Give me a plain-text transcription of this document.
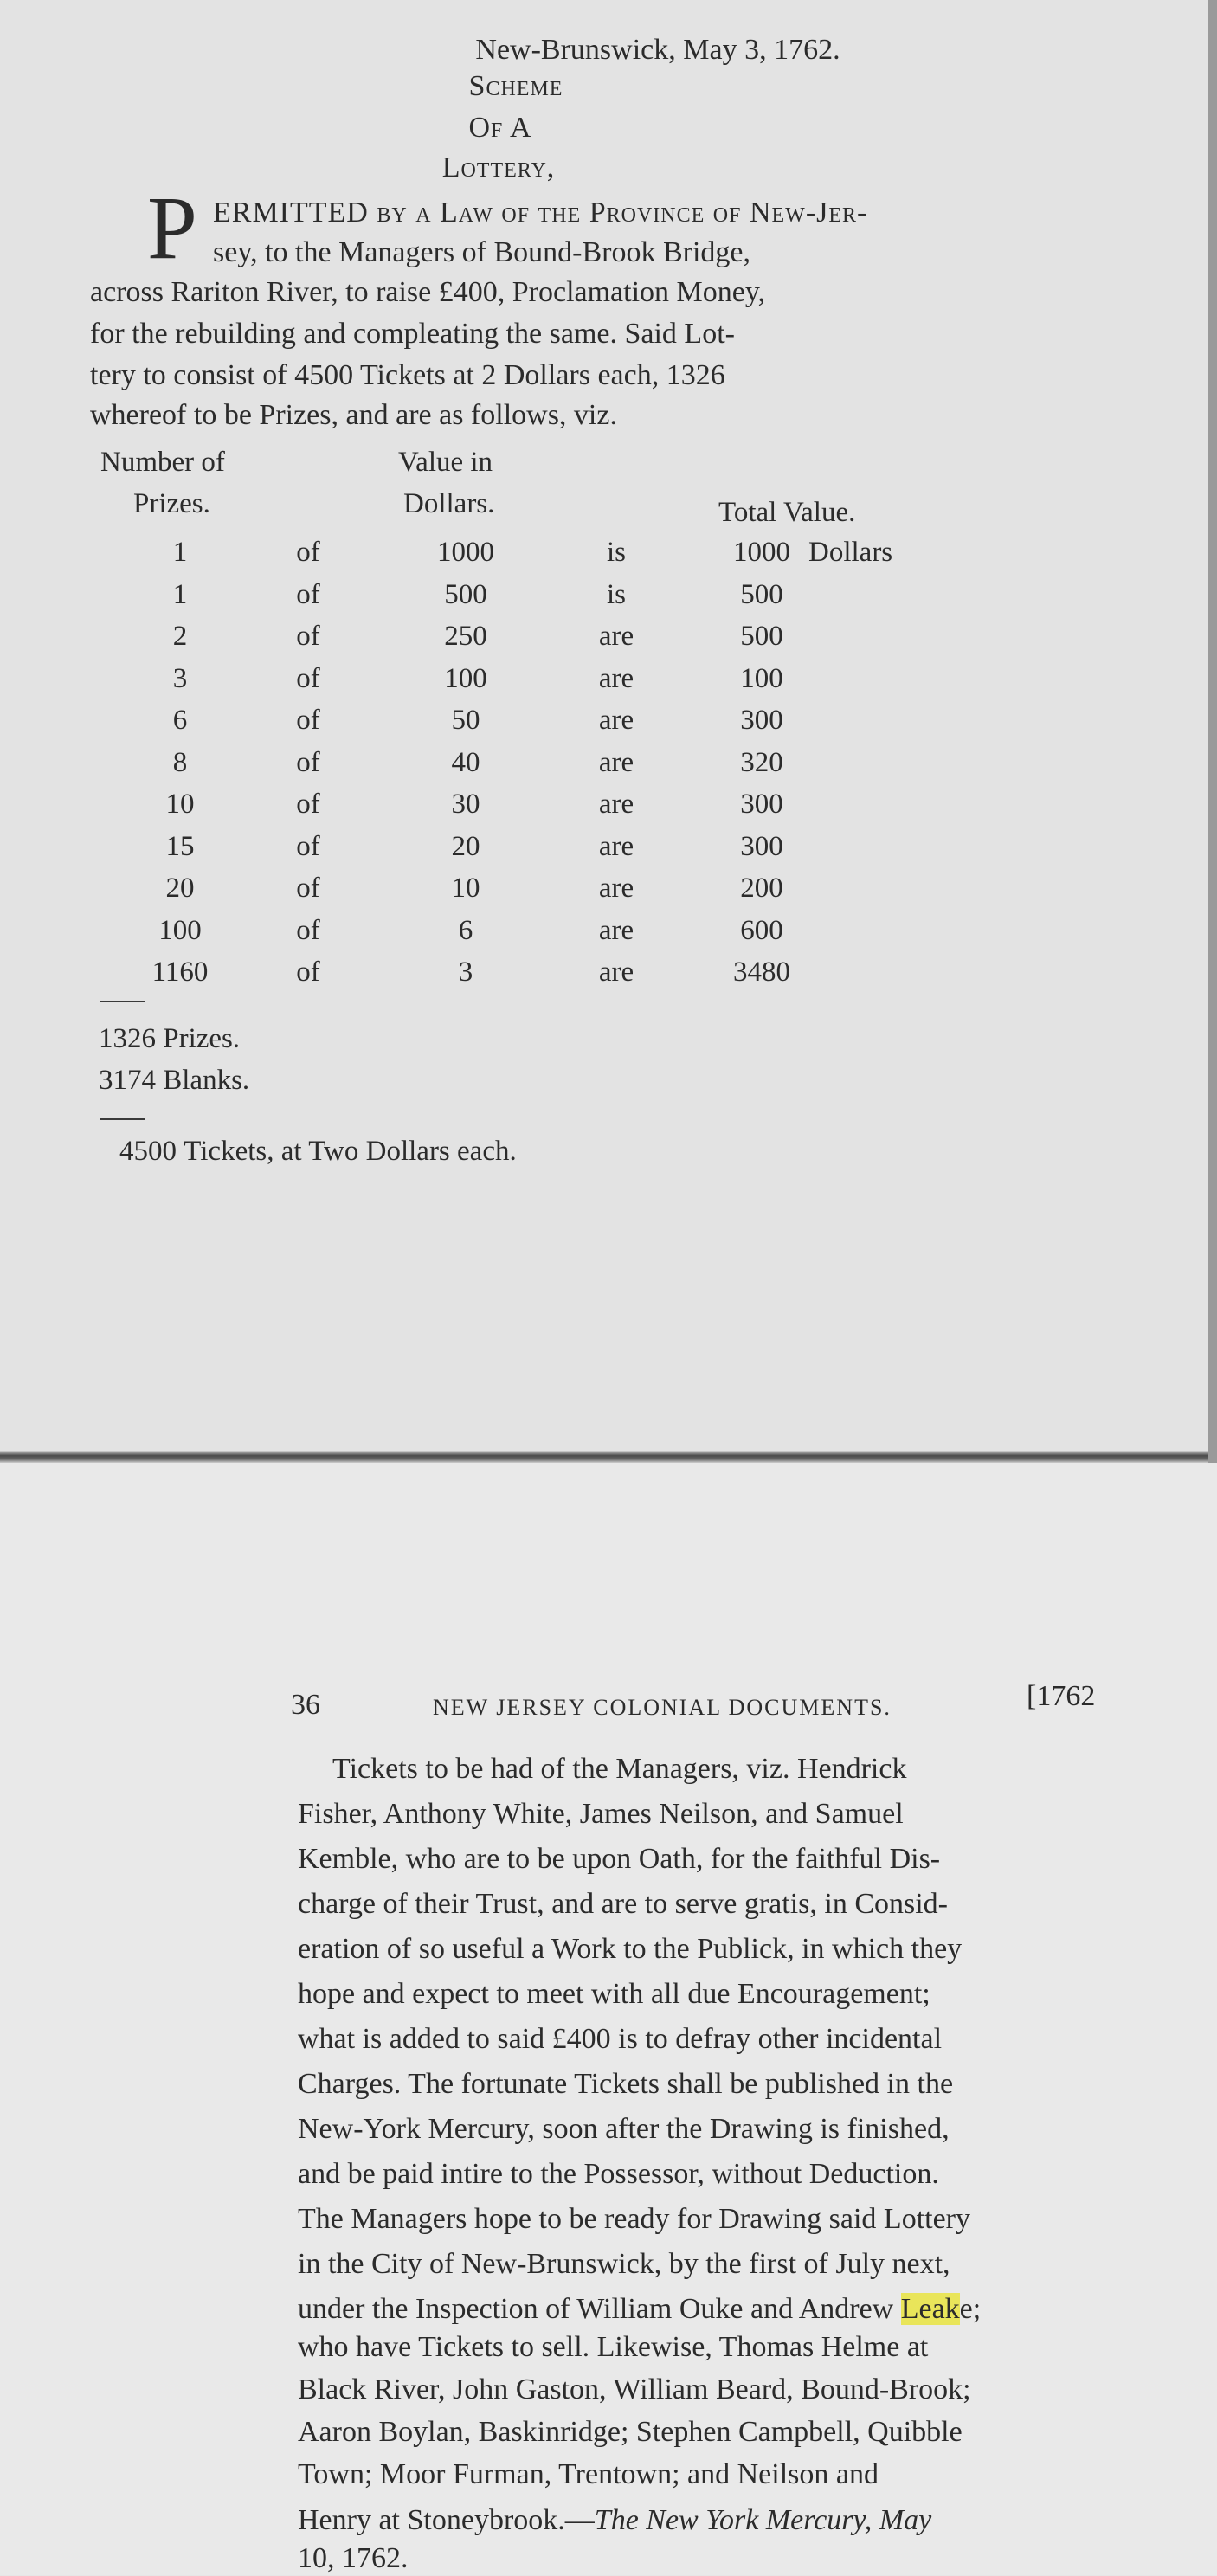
New-Brunswick, May 3, 1762.
Scheme
Of A
Lottery,
P ERMITTED by a Law of the Province of New-Jer-
sey, to the Managers of Bound-Brook Bridge,
across Rariton River, to raise £400, Proclamation Money,
for the rebuilding and compleating the same. Said Lot-
tery to consist of 4500 Tickets at 2 Dollars each, 1326
whereof to be Prizes, and are as follows, viz.
Number of
Prizes.
Value in
Dollars.	Total Value.
1	of	1000	is	1000 Dollars
1	of	500	is	500
2	of	250	are	500
3	of	100	are	100
6	of	50	are	300
8	of	40	are	320
10	of	30	are	300
15	of	20	are	300
20	of	10	are	200
100	of	6	are	600
1160	of	3	are	3480
1326 Prizes.
3174 Blanks.
4500 Tickets, at Two Dollars each.
36	NEW JERSEY COLONIAL DOCUMENTS.	[1762
Tickets to be had of the Managers, viz. Hendrick
Fisher, Anthony White, James Neilson, and Samuel
Kemble, who are to be upon Oath, for the faithful Dis-
charge of their Trust, and are to serve gratis, in Consid-
eration of so useful a Work to the Publick, in which they
hope and expect to meet with all due Encouragement;
what is added to said £400 is to defray other incidental
Charges. The fortunate Tickets shall be published in the
New-York Mercury, soon after the Drawing is finished,
and be paid intire to the Possessor, without Deduction.
The Managers hope to be ready for Drawing said Lottery
in the City of New-Brunswick, by the first of July next,
under the Inspection of William Ouke and Andrew Leake;
who have Tickets to sell. Likewise, Thomas Helme at
Black River, John Gaston, William Beard, Bound-Brook;
Aaron Boylan, Baskinridge; Stephen Campbell, Quibble
Town; Moor Furman, Trentown; and Neilson and
Henry at Stoneybrook.—The New York Mercury, May
10, 1762.
